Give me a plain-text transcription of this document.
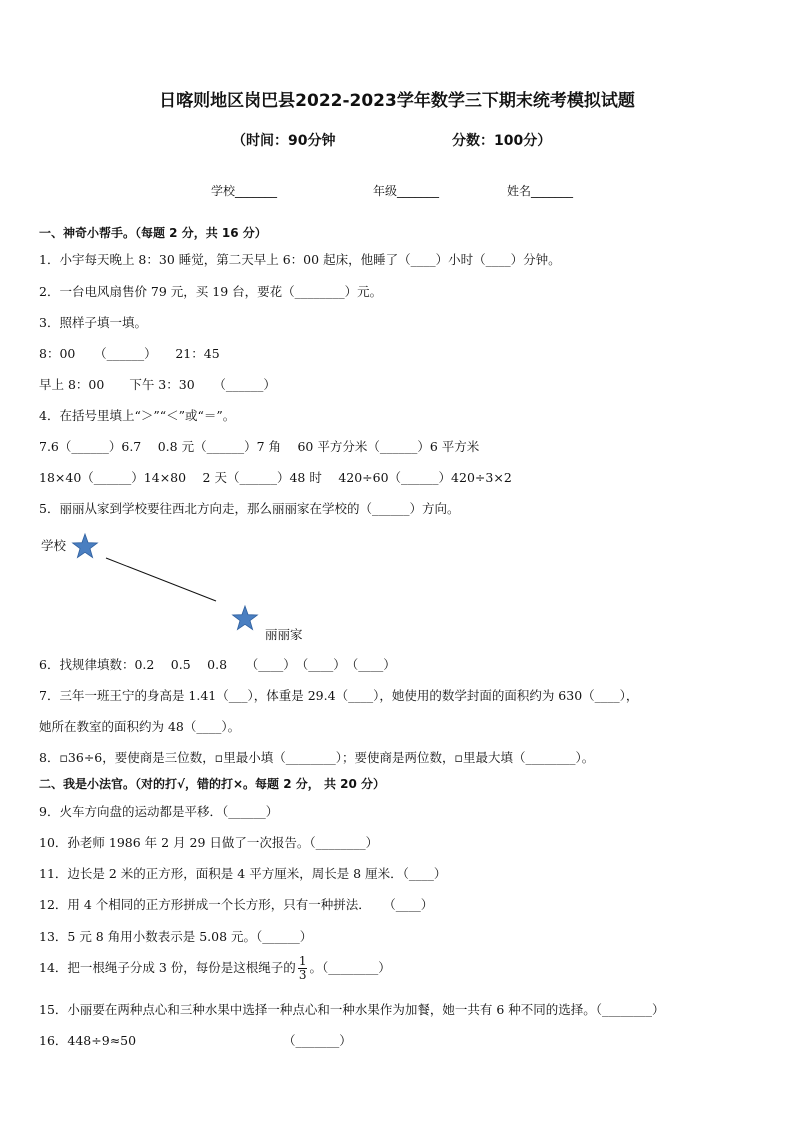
日喀则地区岗巴县2022-2023学年数学三下期末统考模拟试题
（时间：90分钟	分数：100分）
学校_______	年级_______	姓名_______
一、神奇小帮手。（每题 2 分，共 16 分）
1．小宇每天晚上 8：30 睡觉，第二天早上 6：00 起床，他睡了（____）小时（____）分钟。
2．一台电风扇售价 79 元，买 19 台，要花（________）元。
3．照样子填一填。
8：00　　（______）　　21：45
早上 8：00　　下午 3：30　　（______）
4．在括号里填上“＞”“＜”或“＝”。
7.6（______）6.7　 0.8 元（______）7 角　 60 平方分米（______）6 平方米
18×40（______）14×80　 2 天（______）48 时　 420÷60（______）420÷3×2
5．丽丽从家到学校要往西北方向走，那么丽丽家在学校的（______）方向。
学校
丽丽家
6．找规律填数：0.2　 0.5　 0.8　　（____）　（____）　（____）
7．三年一班王宁的身高是 1.41（___），体重是 29.4（____），她使用的数学封面的面积约为 630（____），
她所在教室的面积约为 48（____）。
8．▫36÷6，要使商是三位数，▫里最小填（________）；要使商是两位数，▫里最大填（________）。
二、我是小法官。（对的打√，错的打×。每题 2 分， 共 20 分）
9．火车方向盘的运动都是平移．（______）
10．孙老师 1986 年 2 月 29 日做了一次报告。（________）
11．边长是 2 米的正方形，面积是 4 平方厘米，周长是 8 厘米．（____）
12．用 4 个相同的正方形拼成一个长方形，只有一种拼法．　　（____）
13．5 元 8 角用小数表示是 5.08 元。（______）
14．把一根绳子分成 3 份，每份是这根绳子的 $\frac{1}{3}$ 。（________）
15．小丽要在两种点心和三种水果中选择一种点心和一种水果作为加餐，她一共有 6 种不同的选择。（________）
16．448÷9≈50	（_______）
